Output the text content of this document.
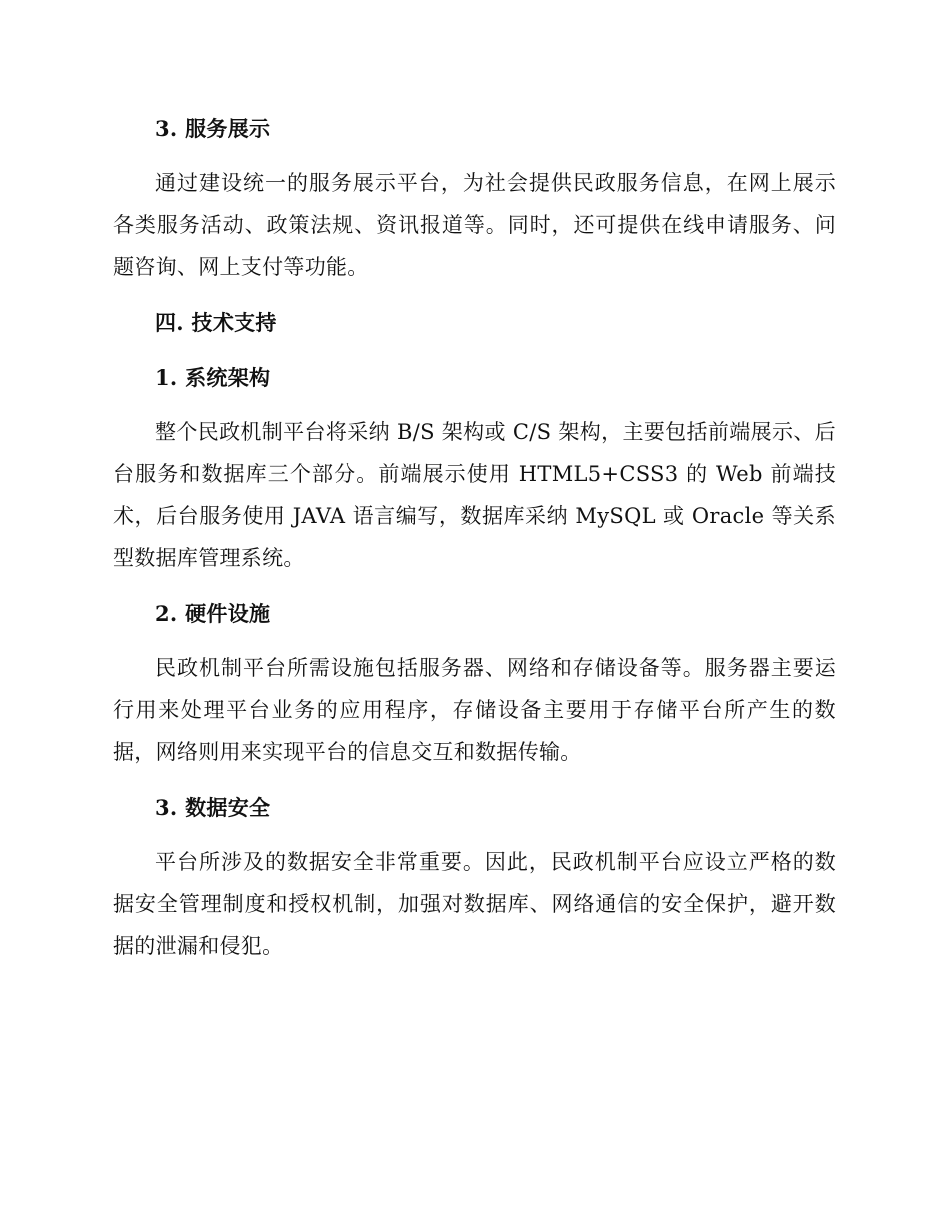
3. 服务展示

通过建设统一的服务展示平台，为社会提供民政服务信息，在网上展示各类服务活动、政策法规、资讯报道等。同时，还可提供在线申请服务、问题咨询、网上支付等功能。

四. 技术支持
1. 系统架构

整个民政机制平台将采纳 B/S 架构或 C/S 架构，主要包括前端展示、后台服务和数据库三个部分。前端展示使用 HTML5+CSS3 的 Web 前端技术，后台服务使用 JAVA 语言编写，数据库采纳 MySQL 或 Oracle 等关系型数据库管理系统。

2. 硬件设施

民政机制平台所需设施包括服务器、网络和存储设备等。服务器主要运行用来处理平台业务的应用程序，存储设备主要用于存储平台所产生的数据，网络则用来实现平台的信息交互和数据传输。

3. 数据安全

平台所涉及的数据安全非常重要。因此，民政机制平台应设立严格的数据安全管理制度和授权机制，加强对数据库、网络通信的安全保护，避开数据的泄漏和侵犯。
